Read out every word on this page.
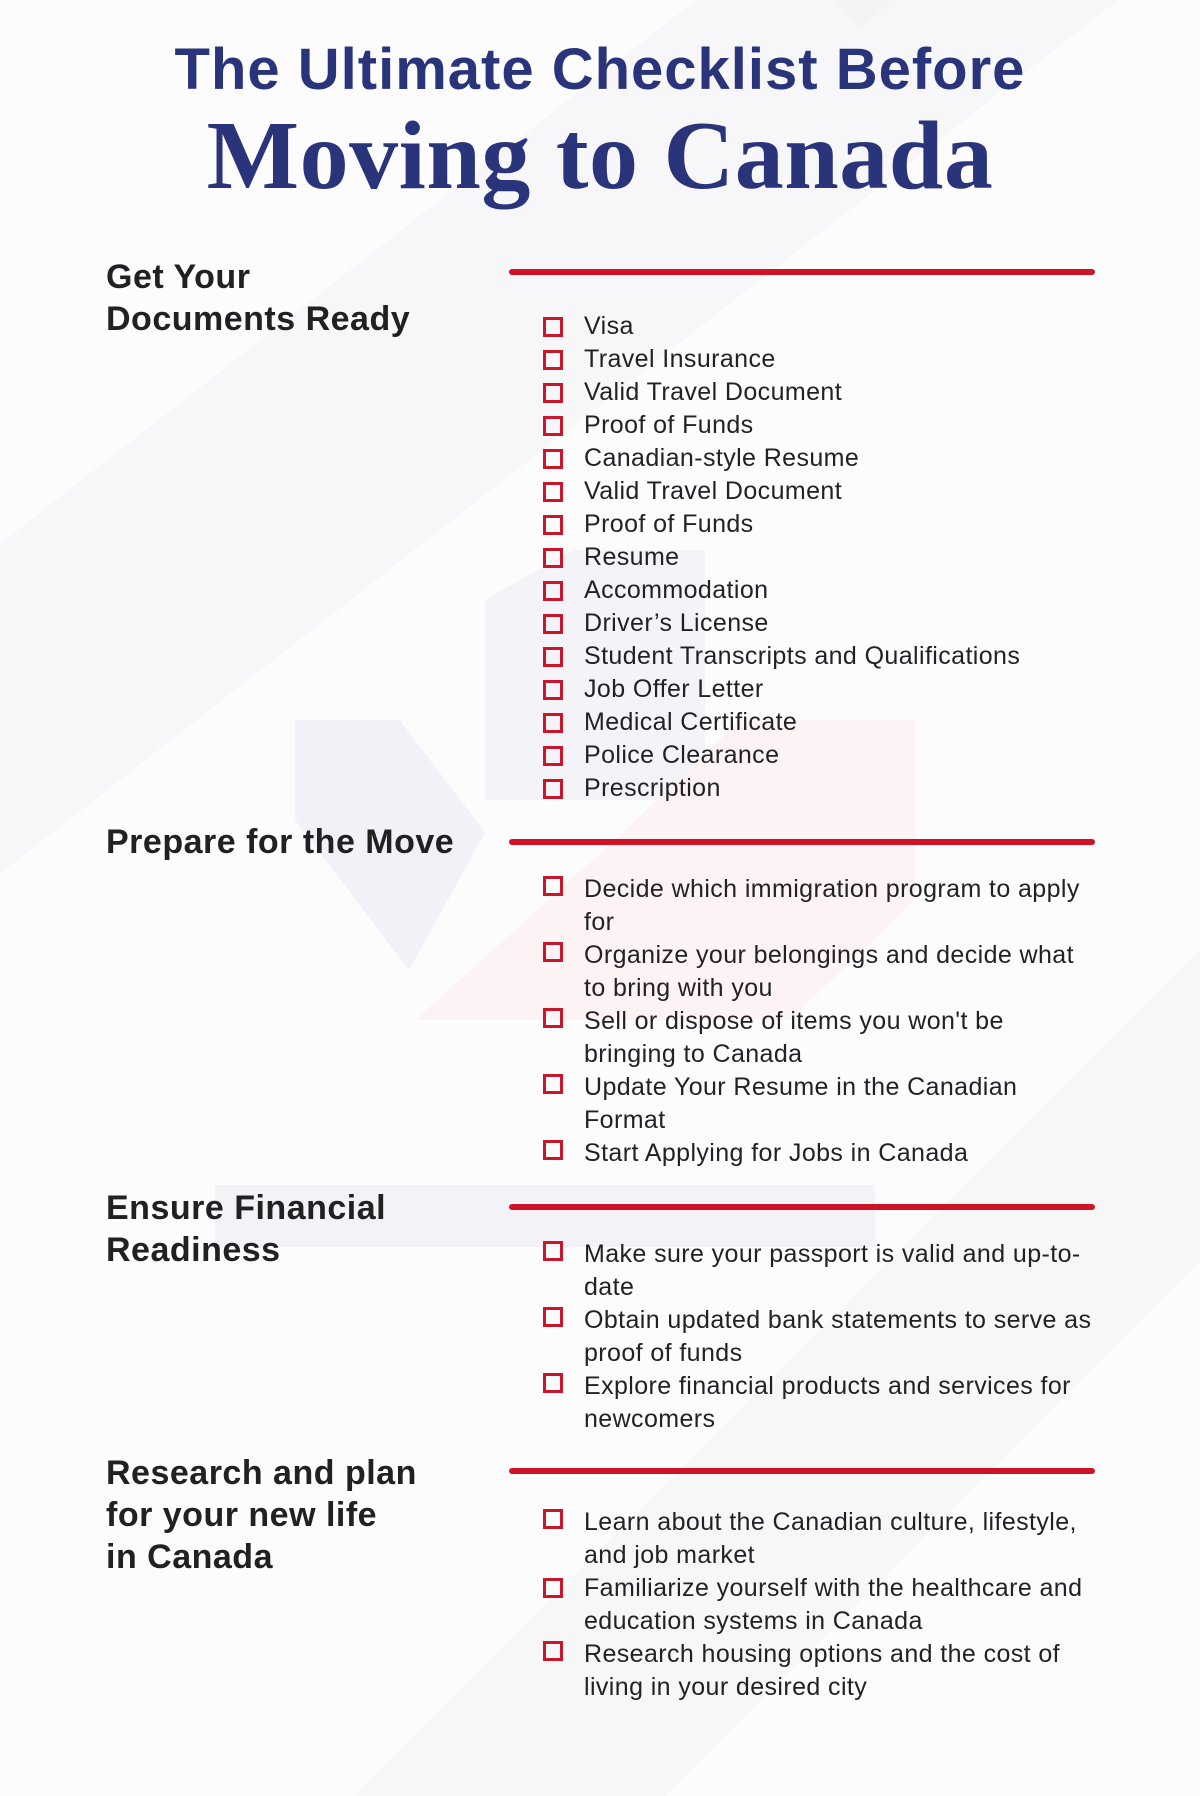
The Ultimate Checklist Before
Moving to Canada
Get Your
Documents Ready	Visa
Travel Insurance
Valid Travel Document
Proof of Funds
Canadian-style Resume
Valid Travel Document
Proof of Funds
Resume
Accommodation
Driver’s License
Student Transcripts and Qualifications
Job Offer Letter
Medical Certificate
Police Clearance
Prescription
Prepare for the Move
Decide which immigration program to apply for
Organize your belongings and decide what to bring with you
Sell or dispose of items you won't be bringing to Canada
Update Your Resume in the Canadian Format
Start Applying for Jobs in Canada
Ensure Financial
Readiness	Make sure your passport is valid and up-to-date
Obtain updated bank statements to serve as proof of funds
Explore financial products and services for newcomers
Research and plan
for your new life
in Canada
Learn about the Canadian culture, lifestyle, and job market
Familiarize yourself with the healthcare and education systems in Canada
Research housing options and the cost of living in your desired city
